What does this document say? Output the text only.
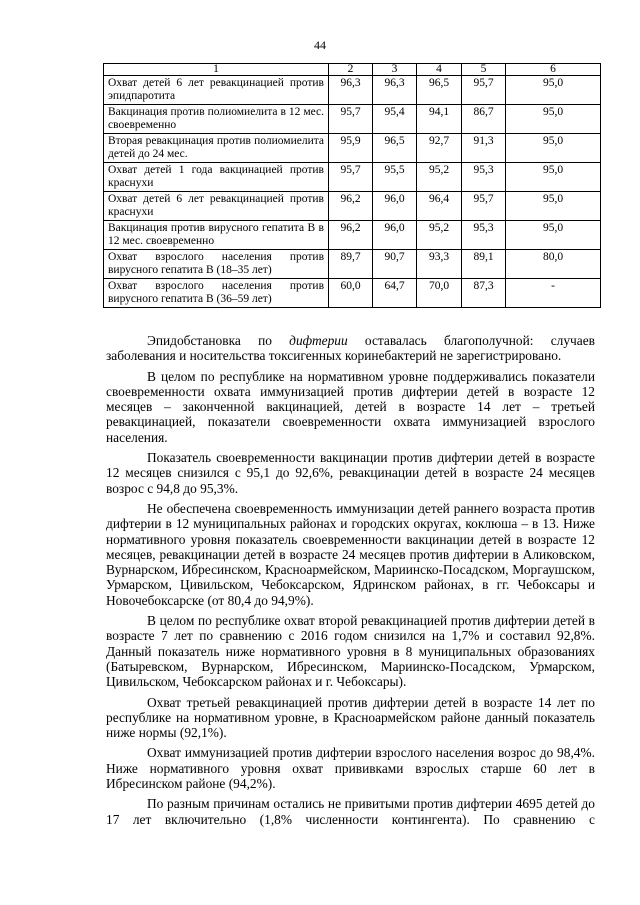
44
1	2	3	4	5	6
Охват детей 6 лет ревакцинацией против эпидпаротита	96,3	96,3	96,5	95,7	95,0
Вакцинация против полиомиелита в 12 мес. своевременно	95,7	95,4	94,1	86,7	95,0
Вторая ревакцинация против полиомиелита детей до 24 мес.	95,9	96,5	92,7	91,3	95,0
Охват детей 1 года вакцинацией против краснухи	95,7	95,5	95,2	95,3	95,0
Охват детей 6 лет ревакцинацией против краснухи	96,2	96,0	96,4	95,7	95,0
Вакцинация против вирусного гепатита В в 12 мес. своевременно	96,2	96,0	95,2	95,3	95,0
Охват взрослого населения против вирусного гепатита В (18–35 лет)	89,7	90,7	93,3	89,1	80,0
Охват взрослого населения против вирусного гепатита В (36–59 лет)	60,0	64,7	70,0	87,3	-

Эпидобстановка по дифтерии оставалась благополучной: случаев заболевания и носительства токсигенных коринебактерий не зарегистрировано.

В целом по республике на нормативном уровне поддерживались показатели своевременности охвата иммунизацией против дифтерии детей в возрасте 12 месяцев – законченной вакцинацией, детей в возрасте 14 лет – третьей ревакцинацией, показатели своевременности охвата иммунизацией взрослого населения.

Показатель своевременности вакцинации против дифтерии детей в возрасте 12 месяцев снизился с 95,1 до 92,6%, ревакцинации детей в возрасте 24 месяцев возрос с 94,8 до 95,3%.

Не обеспечена своевременность иммунизации детей раннего возраста против дифтерии в 12 муниципальных районах и городских округах, коклюша – в 13. Ниже нормативного уровня показатель своевременности вакцинации детей в возрасте 12 месяцев, ревакцинации детей в возрасте 24 месяцев против дифтерии в Аликовском, Вурнарском, Ибресинском, Красноармейском, Мариинско-Посадском, Моргаушском, Урмарском, Цивильском, Чебоксарском, Ядринском районах, в гг. Чебоксары и Новочебоксарске (от 80,4 до 94,9%).

В целом по республике охват второй ревакцинацией против дифтерии детей в возрасте 7 лет по сравнению с 2016 годом снизился на 1,7% и составил 92,8%. Данный показатель ниже нормативного уровня в 8 муниципальных образованиях (Батыревском, Вурнарском, Ибресинском, Мариинско-Посадском, Урмарском, Цивильском, Чебоксарском районах и г. Чебоксары).

Охват третьей ревакцинацией против дифтерии детей в возрасте 14 лет по республике на нормативном уровне, в Красноармейском районе данный показатель ниже нормы (92,1%).

Охват иммунизацией против дифтерии взрослого населения возрос до 98,4%. Ниже нормативного уровня охват прививками взрослых старше 60 лет в Ибресинском районе (94,2%).

По разным причинам остались не привитыми против дифтерии 4695 детей до 17 лет включительно (1,8% численности контингента). По сравнению с
